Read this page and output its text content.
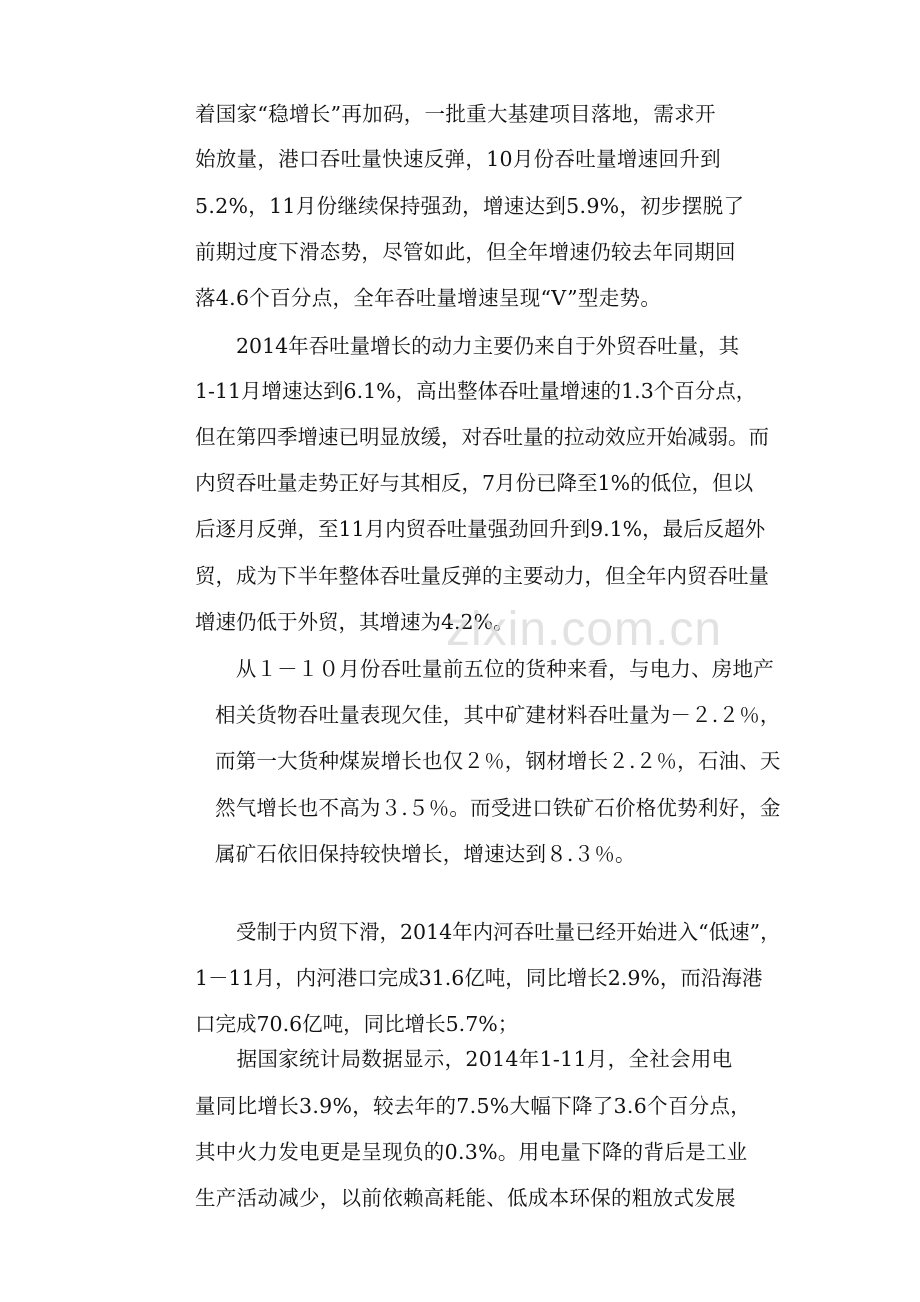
着国家“稳增长”再加码，一批重大基建项目落地，需求开
始放量，港口吞吐量快速反弹，10月份吞吐量增速回升到
5.2%，11月份继续保持强劲，增速达到5.9%，初步摆脱了
前期过度下滑态势，尽管如此，但全年增速仍较去年同期回
落4.6个百分点，全年吞吐量增速呈现“V”型走势。
　　2014年吞吐量增长的动力主要仍来自于外贸吞吐量，其
1-11月增速达到6.1%，高出整体吞吐量增速的1.3个百分点，
但在第四季增速已明显放缓，对吞吐量的拉动效应开始减弱。而
内贸吞吐量走势正好与其相反，7月份已降至1%的低位，但以
后逐月反弹，至11月内贸吞吐量强劲回升到9.1%，最后反超外
贸，成为下半年整体吞吐量反弹的主要动力，但全年内贸吞吐量
增速仍低于外贸，其增速为4.2%。
　从１－１０月份吞吐量前五位的货种来看，与电力、房地产
相关货物吞吐量表现欠佳，其中矿建材料吞吐量为－２.２％，
而第一大货种煤炭增长也仅２％，钢材增长２.２％，石油、天
然气增长也不高为３.５％。而受进口铁矿石价格优势利好，金
属矿石依旧保持较快增长，增速达到８.３％。
　　受制于内贸下滑，2014年内河吞吐量已经开始进入“低速”，
1－11月，内河港口完成31.6亿吨，同比增长2.9%，而沿海港
口完成70.6亿吨，同比增长5.7%；
　　据国家统计局数据显示，2014年1-11月，全社会用电
量同比增长3.9%，较去年的7.5%大幅下降了3.6个百分点，
其中火力发电更是呈现负的0.3%。用电量下降的背后是工业
生产活动减少，以前依赖高耗能、低成本环保的粗放式发展
zixin.com.cn
